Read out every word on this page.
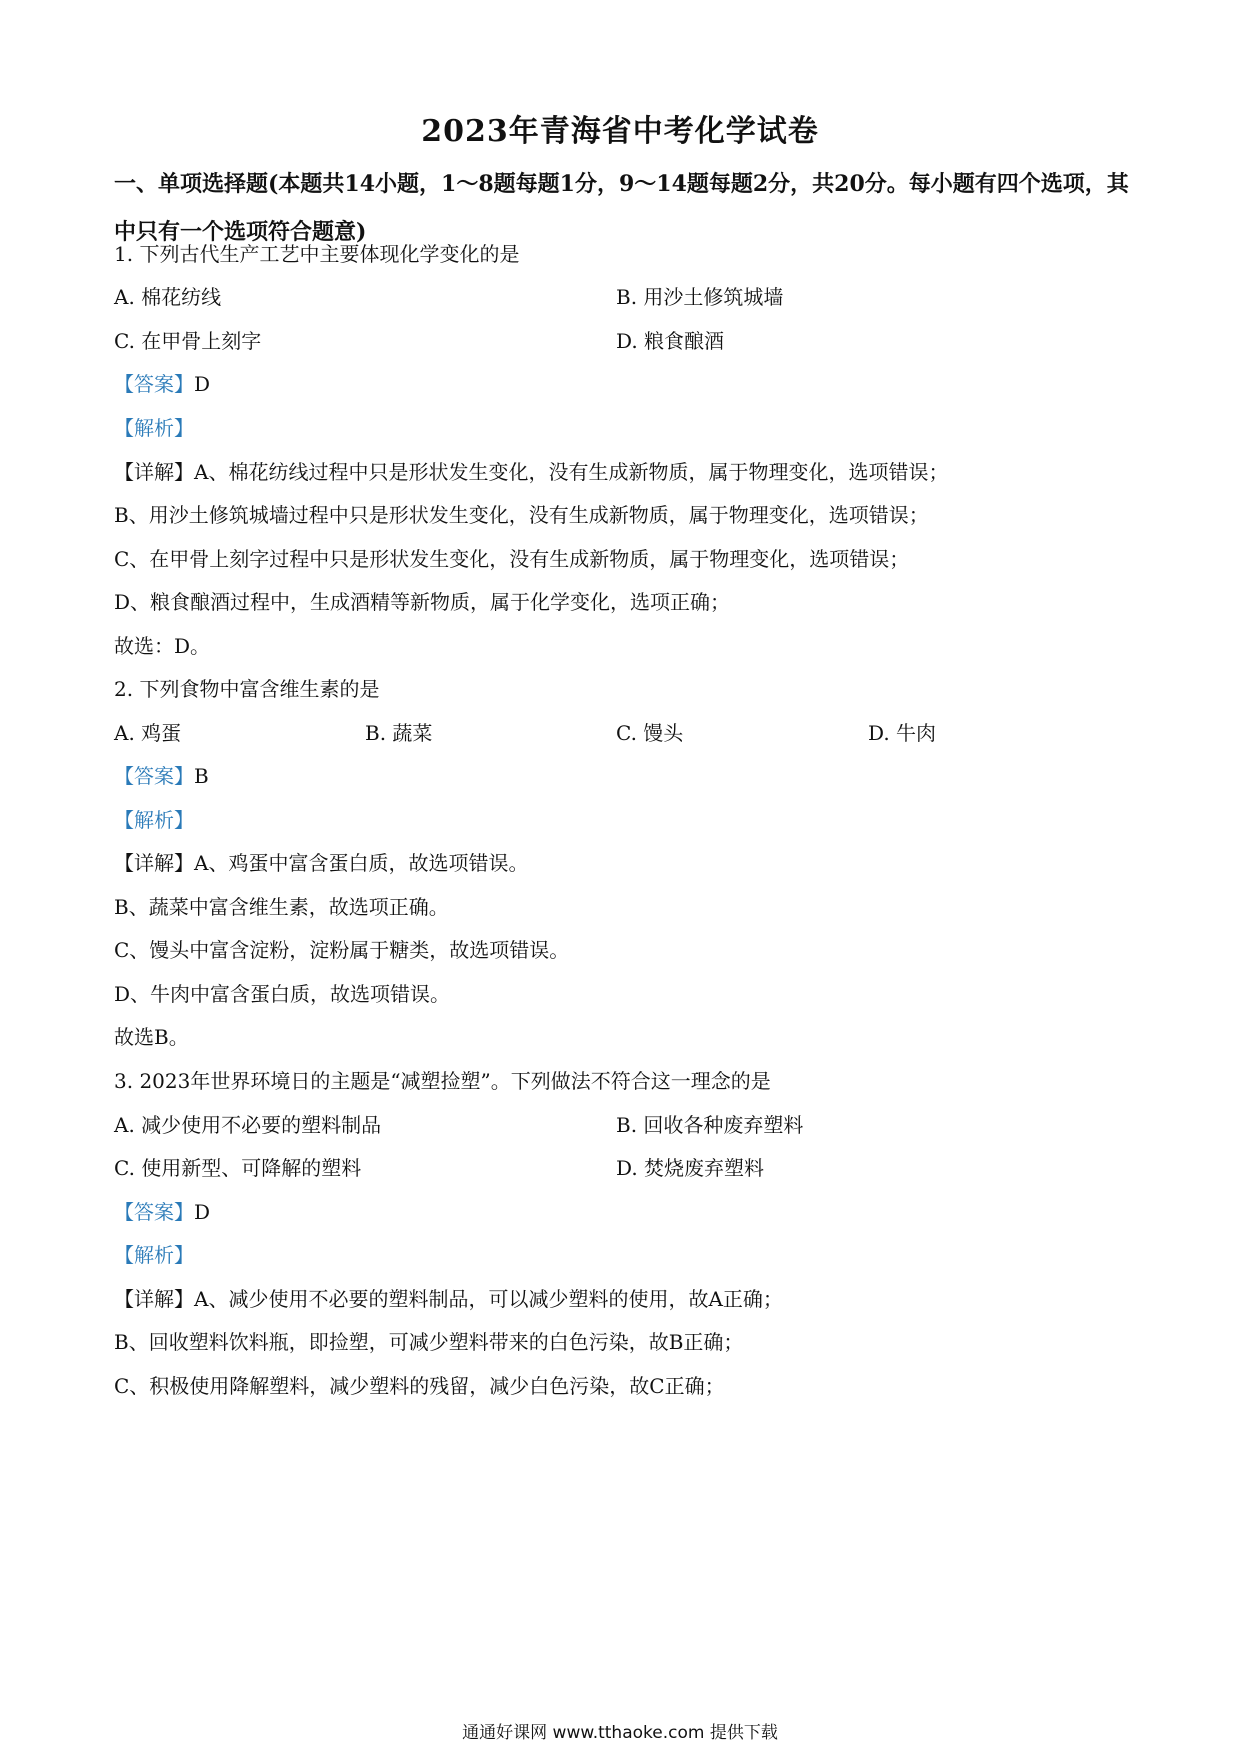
2023年青海省中考化学试卷
一、单项选择题(本题共14小题，1～8题每题1分，9～14题每题2分，共20分。每小题有四个选项，其中只有一个选项符合题意)
1. 下列古代生产工艺中主要体现化学变化的是
A. 棉花纺线	B. 用沙土修筑城墙
C. 在甲骨上刻字	D. 粮食酿酒
【答案】D
【解析】
【详解】A、棉花纺线过程中只是形状发生变化，没有生成新物质，属于物理变化，选项错误；
B、用沙土修筑城墙过程中只是形状发生变化，没有生成新物质，属于物理变化，选项错误；
C、在甲骨上刻字过程中只是形状发生变化，没有生成新物质，属于物理变化，选项错误；
D、粮食酿酒过程中，生成酒精等新物质，属于化学变化，选项正确；
故选：D。
2. 下列食物中富含维生素的是
A. 鸡蛋	B. 蔬菜	C. 馒头	D. 牛肉
【答案】B
【解析】
【详解】A、鸡蛋中富含蛋白质，故选项错误。
B、蔬菜中富含维生素，故选项正确。
C、馒头中富含淀粉，淀粉属于糖类，故选项错误。
D、牛肉中富含蛋白质，故选项错误。
故选B。
3. 2023年世界环境日的主题是“减塑捡塑”。下列做法不符合这一理念的是
A. 减少使用不必要的塑料制品	B. 回收各种废弃塑料
C. 使用新型、可降解的塑料	D. 焚烧废弃塑料
【答案】D
【解析】
【详解】A、减少使用不必要的塑料制品，可以减少塑料的使用，故A正确；
B、回收塑料饮料瓶，即捡塑，可减少塑料带来的白色污染，故B正确；
C、积极使用降解塑料，减少塑料的残留，减少白色污染，故C正确；
通通好课网 www.tthaoke.com 提供下载
